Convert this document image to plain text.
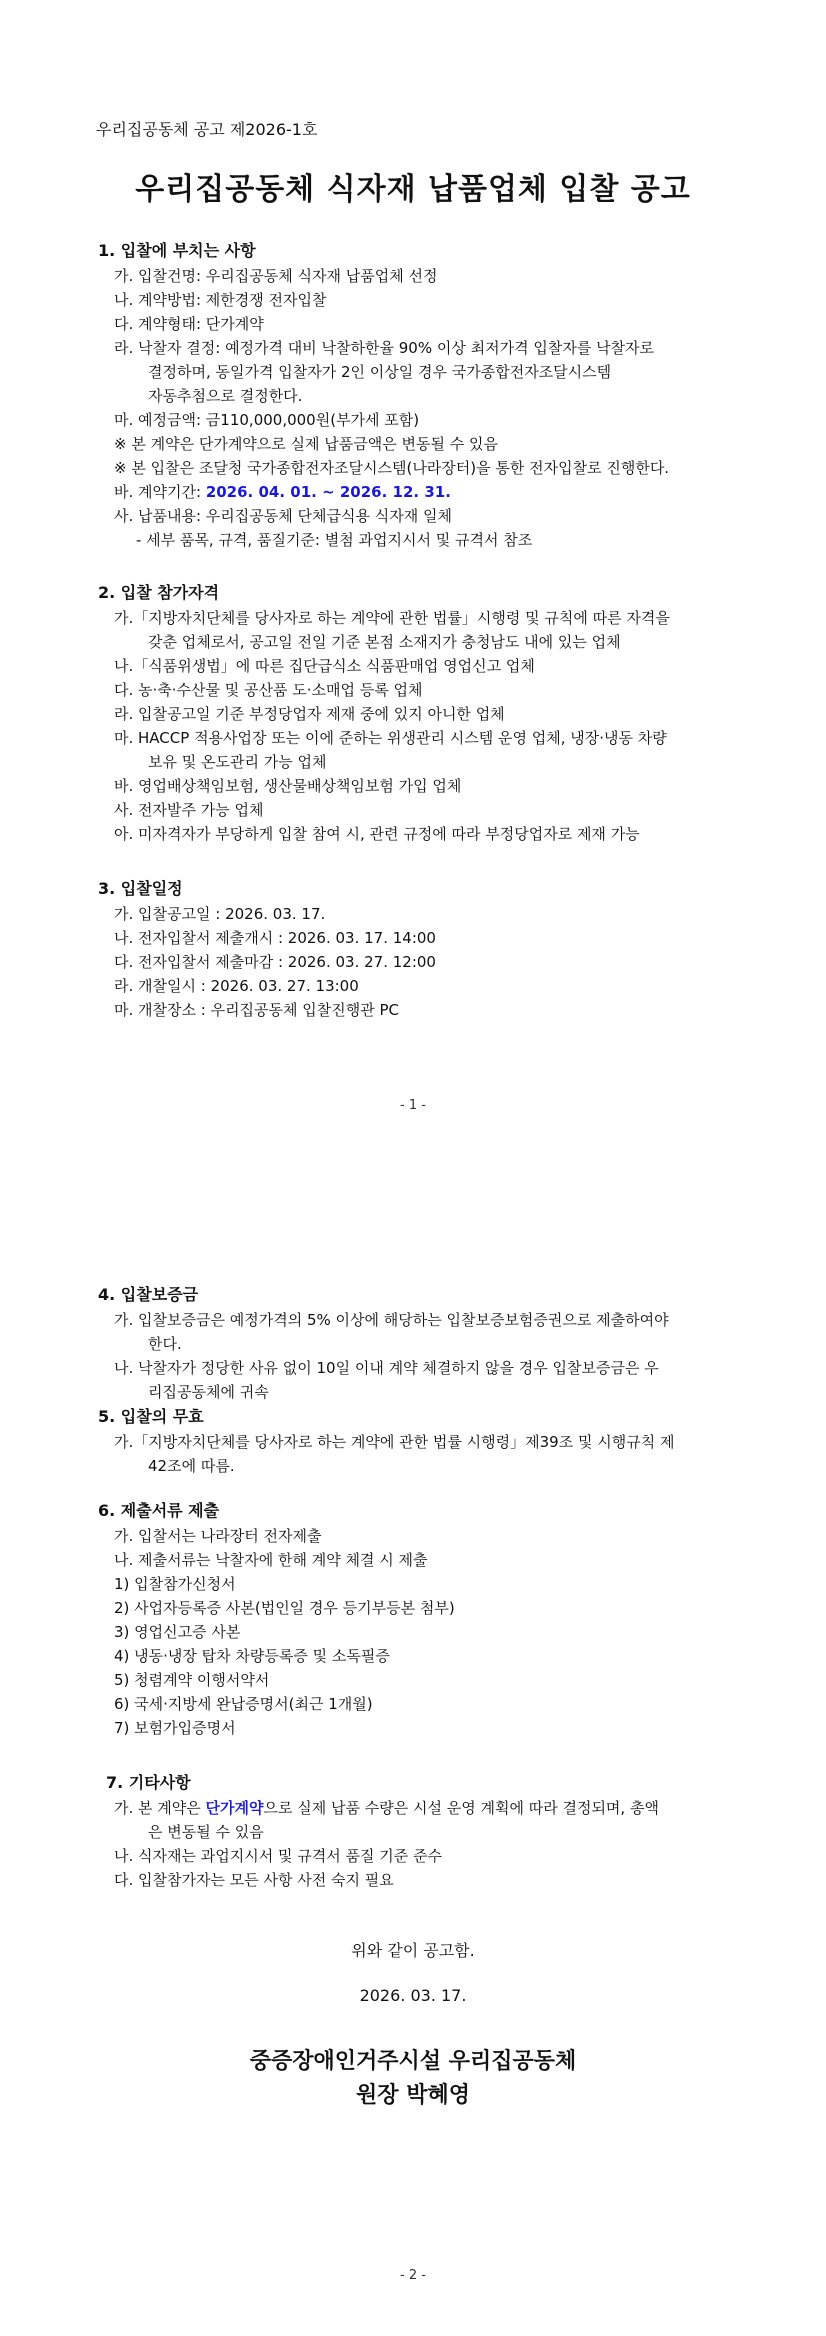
우리집공동체 공고 제2026-1호
우리집공동체 식자재 납품업체 입찰 공고
1. 입찰에 부치는 사항
가. 입찰건명: 우리집공동체 식자재 납품업체 선정
나. 계약방법: 제한경쟁 전자입찰
다. 계약형태: 단가계약
라. 낙찰자 결정: 예정가격 대비 낙찰하한율 90% 이상 최저가격 입찰자를 낙찰자로
결정하며, 동일가격 입찰자가 2인 이상일 경우 국가종합전자조달시스템
자동추첨으로 결정한다.
마. 예정금액: 금110,000,000원(부가세 포함)
※ 본 계약은 단가계약으로 실제 납품금액은 변동될 수 있음
※ 본 입찰은 조달청 국가종합전자조달시스템(나라장터)을 통한 전자입찰로 진행한다.
바. 계약기간: 2026. 04. 01. ~ 2026. 12. 31.
사. 납품내용: 우리집공동체 단체급식용 식자재 일체
- 세부 품목, 규격, 품질기준: 별첨 과업지시서 및 규격서 참조
2. 입찰 참가자격
가.「지방자치단체를 당사자로 하는 계약에 관한 법률」시행령 및 규칙에 따른 자격을
갖춘 업체로서, 공고일 전일 기준 본점 소재지가 충청남도 내에 있는 업체
나.「식품위생법」에 따른 집단급식소 식품판매업 영업신고 업체
다. 농·축·수산물 및 공산품 도·소매업 등록 업체
라. 입찰공고일 기준 부정당업자 제재 중에 있지 아니한 업체
마. HACCP 적용사업장 또는 이에 준하는 위생관리 시스템 운영 업체, 냉장·냉동 차량
보유 및 온도관리 가능 업체
바. 영업배상책임보험, 생산물배상책임보험 가입 업체
사. 전자발주 가능 업체
아. 미자격자가 부당하게 입찰 참여 시, 관련 규정에 따라 부정당업자로 제재 가능
3. 입찰일정
가. 입찰공고일 : 2026. 03. 17.
나. 전자입찰서 제출개시 : 2026. 03. 17. 14:00
다. 전자입찰서 제출마감 : 2026. 03. 27. 12:00
라. 개찰일시 : 2026. 03. 27. 13:00
마. 개찰장소 : 우리집공동체 입찰진행관 PC
- 1 -
4. 입찰보증금
가. 입찰보증금은 예정가격의 5% 이상에 해당하는 입찰보증보험증권으로 제출하여야
한다.
나. 낙찰자가 정당한 사유 없이 10일 이내 계약 체결하지 않을 경우 입찰보증금은 우
리집공동체에 귀속
5. 입찰의 무효
가.「지방자치단체를 당사자로 하는 계약에 관한 법률 시행령」제39조 및 시행규칙 제
42조에 따름.
6. 제출서류 제출
가. 입찰서는 나라장터 전자제출
나. 제출서류는 낙찰자에 한해 계약 체결 시 제출
1) 입찰참가신청서
2) 사업자등록증 사본(법인일 경우 등기부등본 첨부)
3) 영업신고증 사본
4) 냉동·냉장 탑차 차량등록증 및 소독필증
5) 청렴계약 이행서약서
6) 국세·지방세 완납증명서(최근 1개월)
7) 보험가입증명서
7. 기타사항
가. 본 계약은 단가계약으로 실제 납품 수량은 시설 운영 계획에 따라 결정되며, 총액
은 변동될 수 있음
나. 식자재는 과업지시서 및 규격서 품질 기준 준수
다. 입찰참가자는 모든 사항 사전 숙지 필요
위와 같이 공고함.
2026. 03. 17.
중증장애인거주시설 우리집공동체
원장 박혜영
- 2 -
